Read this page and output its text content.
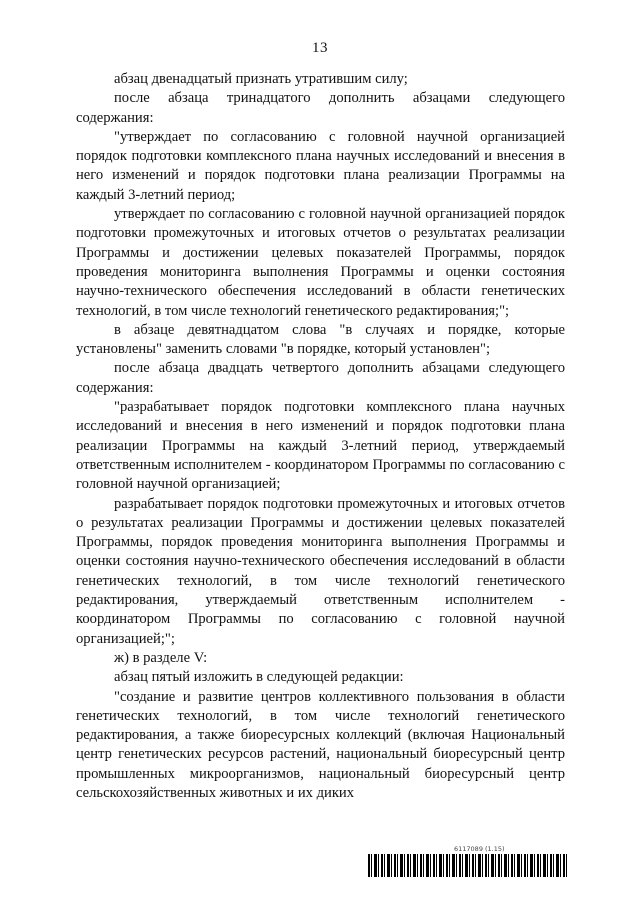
13

абзац двенадцатый признать утратившим силу;

после абзаца тринадцатого дополнить абзацами следующего содержания:

"утверждает по согласованию с головной научной организацией порядок подготовки комплексного плана научных исследований и внесения в него изменений и порядок подготовки плана реализации Программы на каждый 3-летний период;

утверждает по согласованию с головной научной организацией порядок подготовки промежуточных и итоговых отчетов о результатах реализации Программы и достижении целевых показателей Программы, порядок проведения мониторинга выполнения Программы и оценки состояния научно-технического обеспечения исследований в области генетических технологий, в том числе технологий генетического редактирования;";

в абзаце девятнадцатом слова "в случаях и порядке, которые установлены" заменить словами "в порядке, который установлен";

после абзаца двадцать четвертого дополнить абзацами следующего содержания:

"разрабатывает порядок подготовки комплексного плана научных исследований и внесения в него изменений и порядок подготовки плана реализации Программы на каждый 3-летний период, утверждаемый ответственным исполнителем - координатором Программы по согласованию с головной научной организацией;

разрабатывает порядок подготовки промежуточных и итоговых отчетов о результатах реализации Программы и достижении целевых показателей Программы, порядок проведения мониторинга выполнения Программы и оценки состояния научно-технического обеспечения исследований в области генетических технологий, в том числе технологий генетического редактирования, утверждаемый ответственным исполнителем - координатором Программы по согласованию с головной научной организацией;";

ж) в разделе V:

абзац пятый изложить в следующей редакции:

"создание и развитие центров коллективного пользования в области генетических технологий, в том числе технологий генетического редактирования, а также биоресурсных коллекций (включая Национальный центр генетических ресурсов растений, национальный биоресурсный центр промышленных микроорганизмов, национальный биоресурсный центр сельскохозяйственных животных и их диких

6117089 (1.15)
